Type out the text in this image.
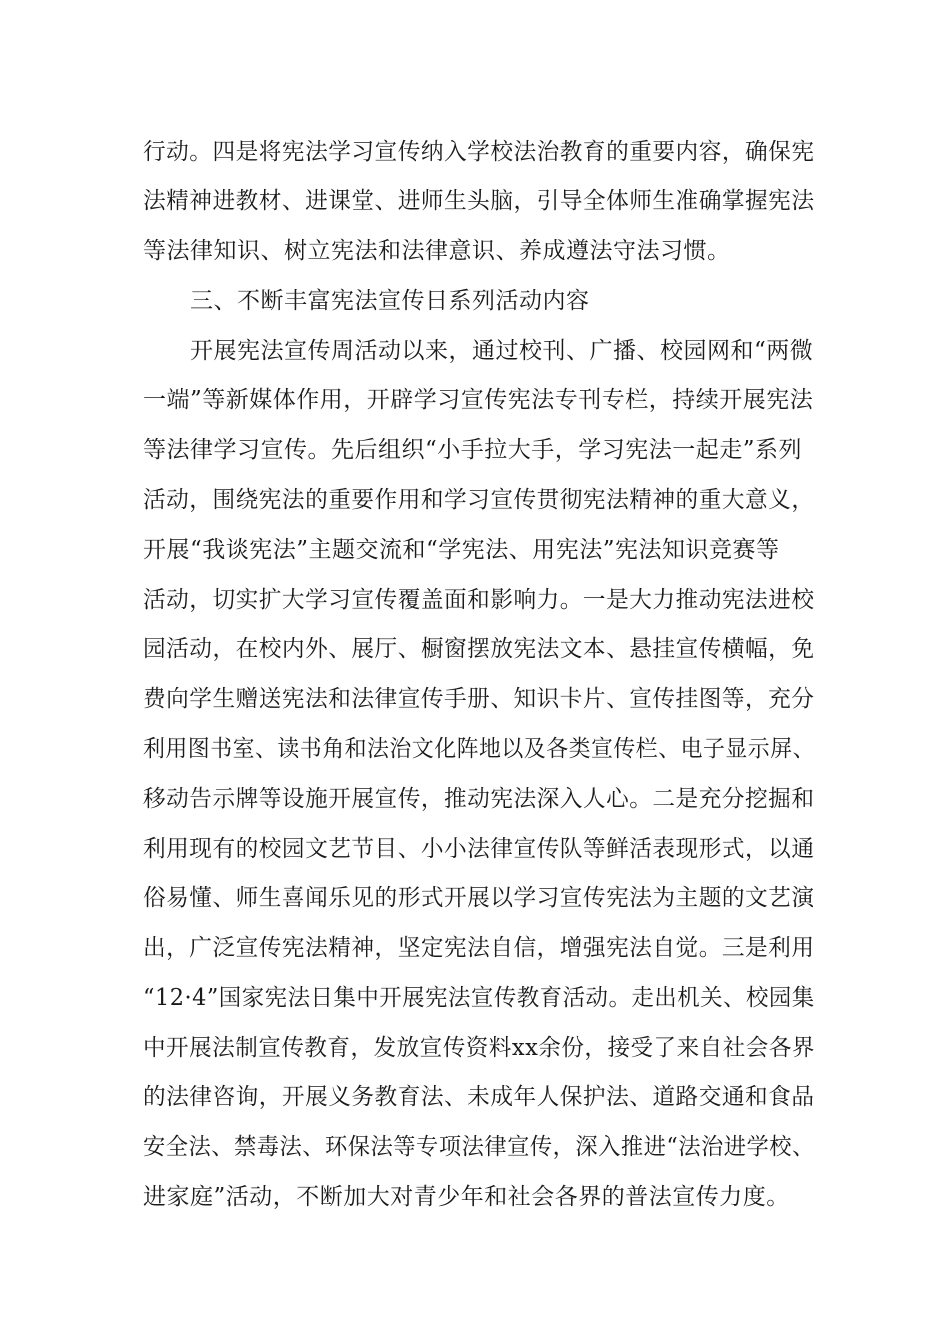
行动。四是将宪法学习宣传纳入学校法治教育的重要内容，确保宪
法精神进教材、进课堂、进师生头脑，引导全体师生准确掌握宪法
等法律知识、树立宪法和法律意识、养成遵法守法习惯。
三、不断丰富宪法宣传日系列活动内容
开展宪法宣传周活动以来，通过校刊、广播、校园网和“两微
一端”等新媒体作用，开辟学习宣传宪法专刊专栏，持续开展宪法
等法律学习宣传。先后组织“小手拉大手，学习宪法一起走”系列
活动，围绕宪法的重要作用和学习宣传贯彻宪法精神的重大意义，
开展“我谈宪法”主题交流和“学宪法、用宪法”宪法知识竞赛等
活动，切实扩大学习宣传覆盖面和影响力。一是大力推动宪法进校
园活动，在校内外、展厅、橱窗摆放宪法文本、悬挂宣传横幅，免
费向学生赠送宪法和法律宣传手册、知识卡片、宣传挂图等，充分
利用图书室、读书角和法治文化阵地以及各类宣传栏、电子显示屏、
移动告示牌等设施开展宣传，推动宪法深入人心。二是充分挖掘和
利用现有的校园文艺节目、小小法律宣传队等鲜活表现形式，以通
俗易懂、师生喜闻乐见的形式开展以学习宣传宪法为主题的文艺演
出，广泛宣传宪法精神，坚定宪法自信，增强宪法自觉。三是利用
“12·4”国家宪法日集中开展宪法宣传教育活动。走出机关、校园集
中开展法制宣传教育，发放宣传资料xx余份，接受了来自社会各界
的法律咨询，开展义务教育法、未成年人保护法、道路交通和食品
安全法、禁毒法、环保法等专项法律宣传，深入推进“法治进学校、
进家庭”活动，不断加大对青少年和社会各界的普法宣传力度。
